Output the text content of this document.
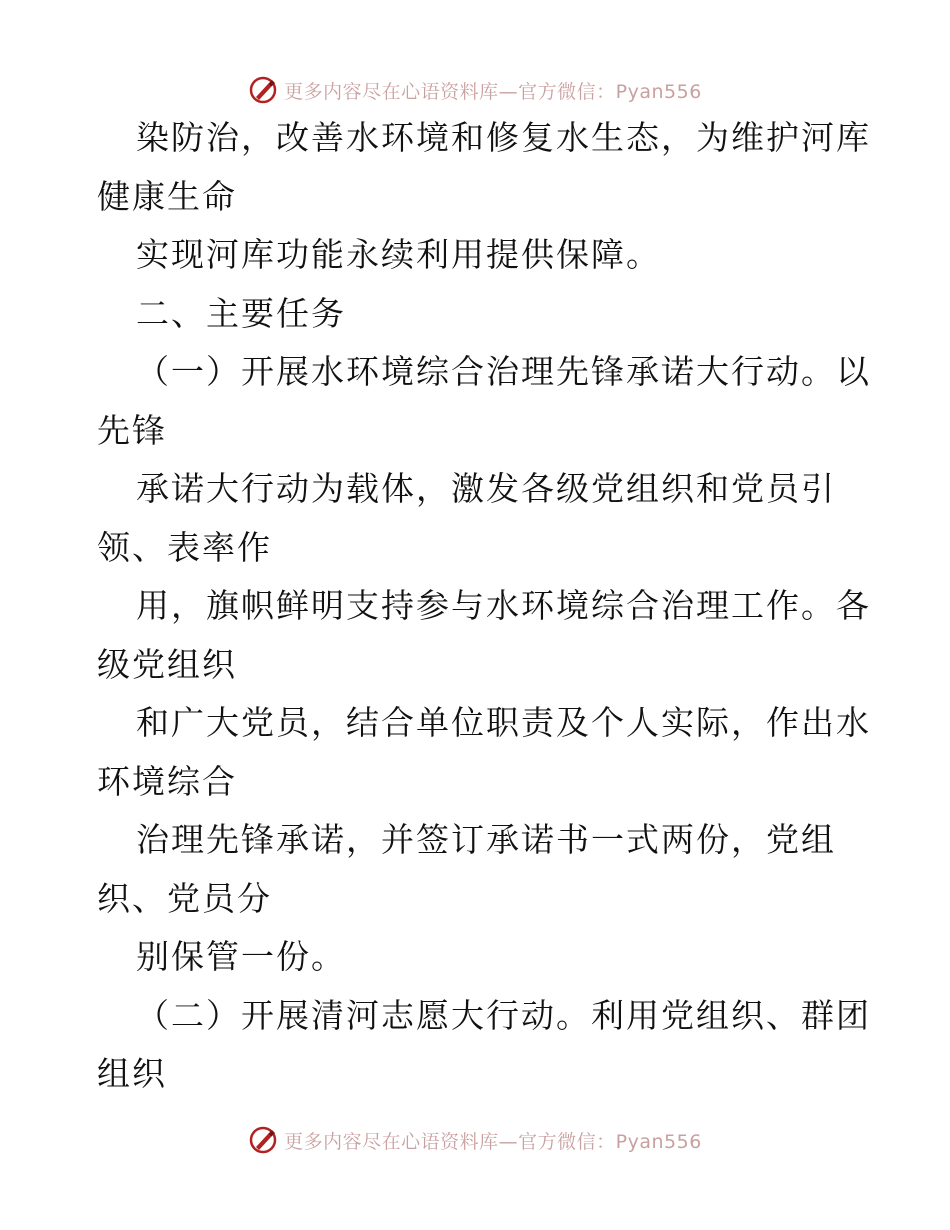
更多内容尽在心语资料库—官方微信：Pyan556
染防治，改善水环境和修复水生态，为维护河库
健康生命
实现河库功能永续利用提供保障。
二、主要任务
（一）开展水环境综合治理先锋承诺大行动。以
先锋
承诺大行动为载体，激发各级党组织和党员引
领、表率作
用，旗帜鲜明支持参与水环境综合治理工作。各
级党组织
和广大党员，结合单位职责及个人实际，作出水
环境综合
治理先锋承诺，并签订承诺书一式两份，党组
织、党员分
别保管一份。
（二）开展清河志愿大行动。利用党组织、群团
组织
更多内容尽在心语资料库—官方微信：Pyan556
